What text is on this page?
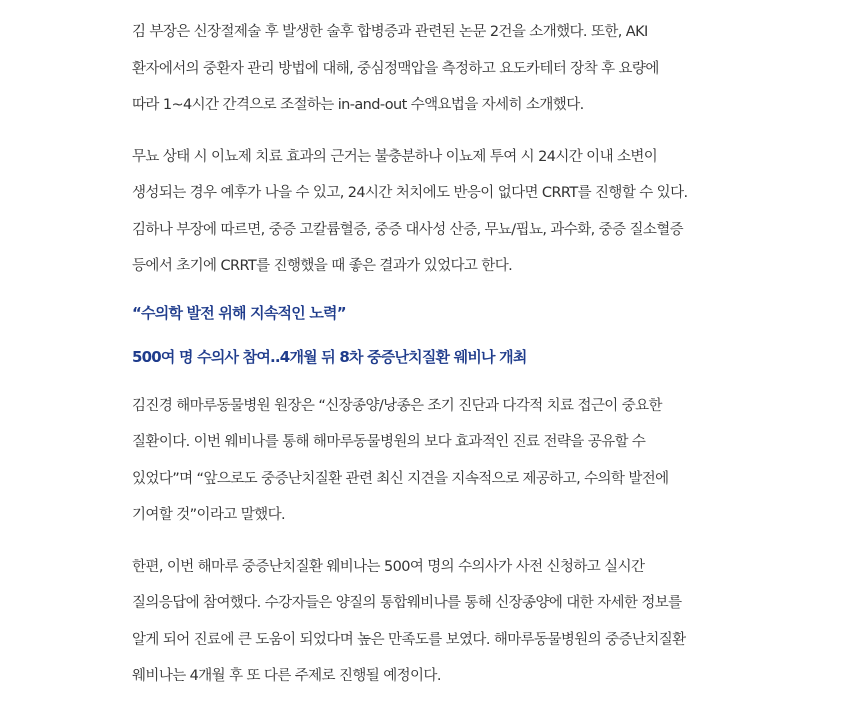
김 부장은 신장절제술 후 발생한 술후 합병증과 관련된 논문 2건을 소개했다. 또한, AKI
환자에서의 중환자 관리 방법에 대해, 중심정맥압을 측정하고 요도카테터 장착 후 요량에
따라 1~4시간 간격으로 조절하는 in-and-out 수액요법을 자세히 소개했다.

무뇨 상태 시 이뇨제 치료 효과의 근거는 불충분하나 이뇨제 투여 시 24시간 이내 소변이
생성되는 경우 예후가 나을 수 있고, 24시간 처치에도 반응이 없다면 CRRT를 진행할 수 있다.
김하나 부장에 따르면, 중증 고칼륨혈증, 중증 대사성 산증, 무뇨/핍뇨, 과수화, 중증 질소혈증
등에서 초기에 CRRT를 진행했을 때 좋은 결과가 있었다고 한다.

“수의학 발전 위해 지속적인 노력”
500여 명 수의사 참여..4개월 뒤 8차 중증난치질환 웨비나 개최

김진경 해마루동물병원 원장은 “신장종양/낭종은 조기 진단과 다각적 치료 접근이 중요한
질환이다. 이번 웨비나를 통해 해마루동물병원의 보다 효과적인 진료 전략을 공유할 수
있었다”며 “앞으로도 중증난치질환 관련 최신 지견을 지속적으로 제공하고, 수의학 발전에
기여할 것”이라고 말했다.

한편, 이번 해마루 중증난치질환 웨비나는 500여 명의 수의사가 사전 신청하고 실시간
질의응답에 참여했다. 수강자들은 양질의 통합웨비나를 통해 신장종양에 대한 자세한 정보를
알게 되어 진료에 큰 도움이 되었다며 높은 만족도를 보였다. 해마루동물병원의 중증난치질환
웨비나는 4개월 후 또 다른 주제로 진행될 예정이다.
